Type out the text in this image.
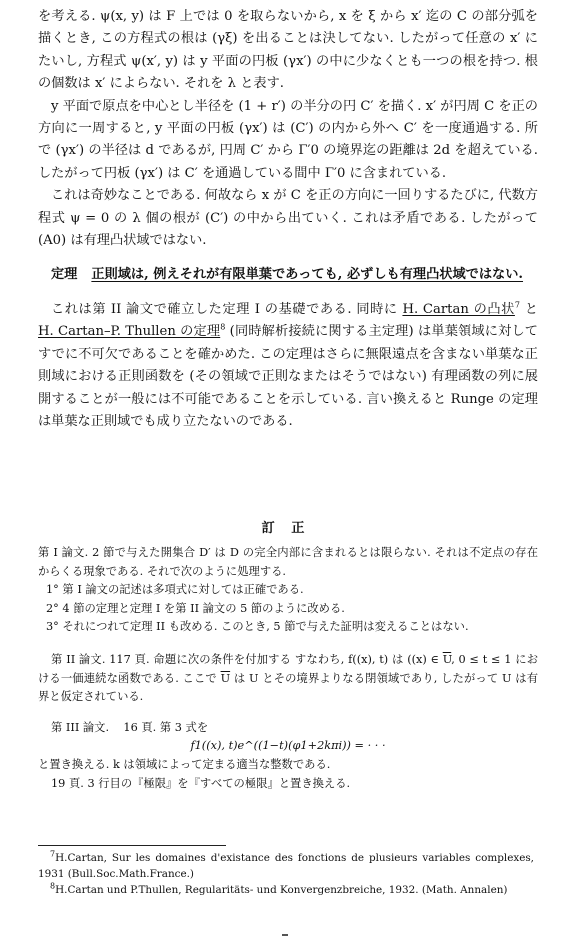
を考える. ψ(x, y) は F 上では 0 を取らないから, x を ξ から x′ 迄の C の部分弧を描くとき, この方程式の根は (γξ) を出ることは決してない. したがって任意の x′ にたいし, 方程式 ψ(x′, y) は y 平面の円板 (γx′) の中に少なくとも一つの根を持つ. 根の個数は x′ によらない. それを λ と表す.

y 平面で原点を中心とし半径を (1 + r′) の半分の円 C′ を描く. x′ が円周 C を正の方向に一周すると, y 平面の円板 (γx′) は (C′) の内から外へ C′ を一度通過する. 所で (γx′) の半径は d であるが, 円周 C′ から Γ′0 の境界迄の距離は 2d を超えている. したがって円板 (γx′) は C′ を通過している間中 Γ′0 に含まれている.

これは奇妙なことである. 何故なら x が C を正の方向に一回りするたびに, 代数方程式 ψ = 0 の λ 個の根が (C′) の中から出ていく. これは矛盾である. したがって (A0) は有理凸状域ではない.

定理 正則域は, 例えそれが有限単葉であっても, 必ずしも有理凸状域ではない.

これは第 II 論文で確立した定理 I の基礎である. 同時に H. Cartan の凸状$^7$ と H. Cartan–P. Thullen の定理$^8$ (同時解析接続に関する主定理) は単葉領域に対してすでに不可欠であることを確かめた. この定理はさらに無限遠点を含まない単葉な正則域における正則函数を (その領域で正則なまたはそうではない) 有理函数の列に展開することが一般には不可能であることを示している. 言い換えると Runge の定理は単葉な正則域でも成り立たないのである.

訂 正

第 I 論文. 2 節で与えた開集合 D′ は D の完全内部に含まれるとは限らない. それは不定点の存在からくる現象である. それで次のように処理する.

1° 第 I 論文の記述は多項式に対しては正確である.

2° 4 節の定理と定理 I を第 II 論文の 5 節のように改める.

3° それにつれて定理 II も改める. このとき, 5 節で与えた証明は変えることはない.

第 II 論文. 117 頁. 命題に次の条件を付加する すなわち, f((x), t) は ((x) ∈ $\overline{U}$, 0 ≤ t ≤ 1 における一価連続な函数である. ここで $\overline{U}$ は U とその境界よりなる閉領域であり, したがって U は有界と仮定されている.

第 III 論文.    16 頁. 第 3 式を

f1((x), t)e^((1−t)(φ1+2kπi)) = · · ·

と置き換える. k は領域によって定まる適当な整数である.

19 頁. 3 行目の『極限』を『すべての極限』と置き換える.

$^7$H.Cartan, Sur les domaines d'existance des fonctions de plusieurs variables complexes, 1931 (Bull.Soc.Math.France.)

$^8$H.Cartan und P.Thullen, Regularitäts- und Konvergenzbreiche, 1932. (Math. Annalen)
